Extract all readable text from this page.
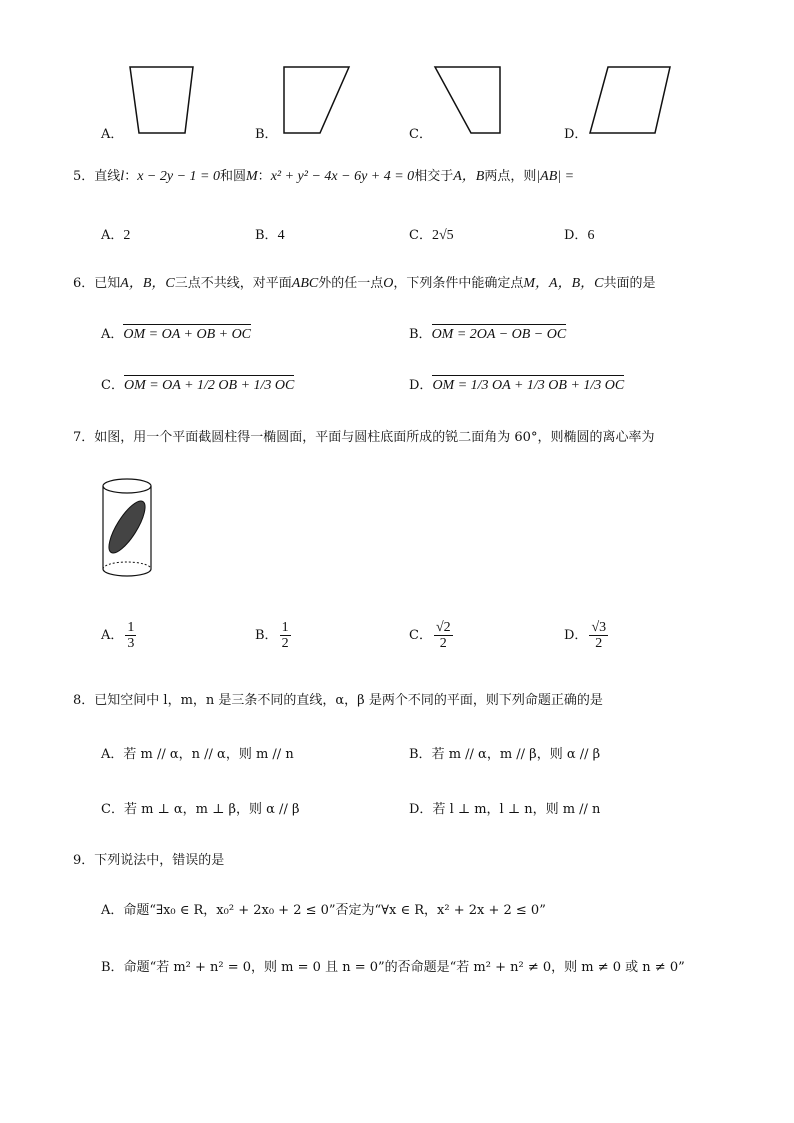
A．	B．	C．	D．
5．直线l：x − 2y − 1 = 0和圆M：x² + y² − 4x − 6y + 4 = 0相交于A，B两点，则|AB| =
A．2	B．4	C．2√5	D．6
6．已知A，B，C三点不共线，对平面ABC外的任一点O，下列条件中能确定点M，A，B，C共面的是
A．OM = OA + OB + OC	B．OM = 2OA − OB − OC
C．OM = OA + 1/2 OB + 1/3 OC	D．OM = 1/3 OA + 1/3 OB + 1/3 OC
7．如图，用一个平面截圆柱得一椭圆面，平面与圆柱底面所成的锐二面角为 60°，则椭圆的离心率为
A． $\frac{1}{3}$	B． $\frac{1}{2}$	C． $\frac{√2}{2}$	D． $\frac{√3}{2}$
8．已知空间中 l，m，n 是三条不同的直线，α，β 是两个不同的平面，则下列命题正确的是
A．若 m // α，n // α，则 m // n	B．若 m // α，m // β，则 α // β
C．若 m ⊥ α，m ⊥ β，则 α // β	D．若 l ⊥ m，l ⊥ n，则 m // n
9．下列说法中，错误的是
A．命题“∃x₀ ∈ R，x₀² + 2x₀ + 2 ≤ 0”否定为“∀x ∈ R，x² + 2x + 2 ≤ 0”
B．命题“若 m² + n² = 0，则 m = 0 且 n = 0”的否命题是“若 m² + n² ≠ 0，则 m ≠ 0 或 n ≠ 0”
